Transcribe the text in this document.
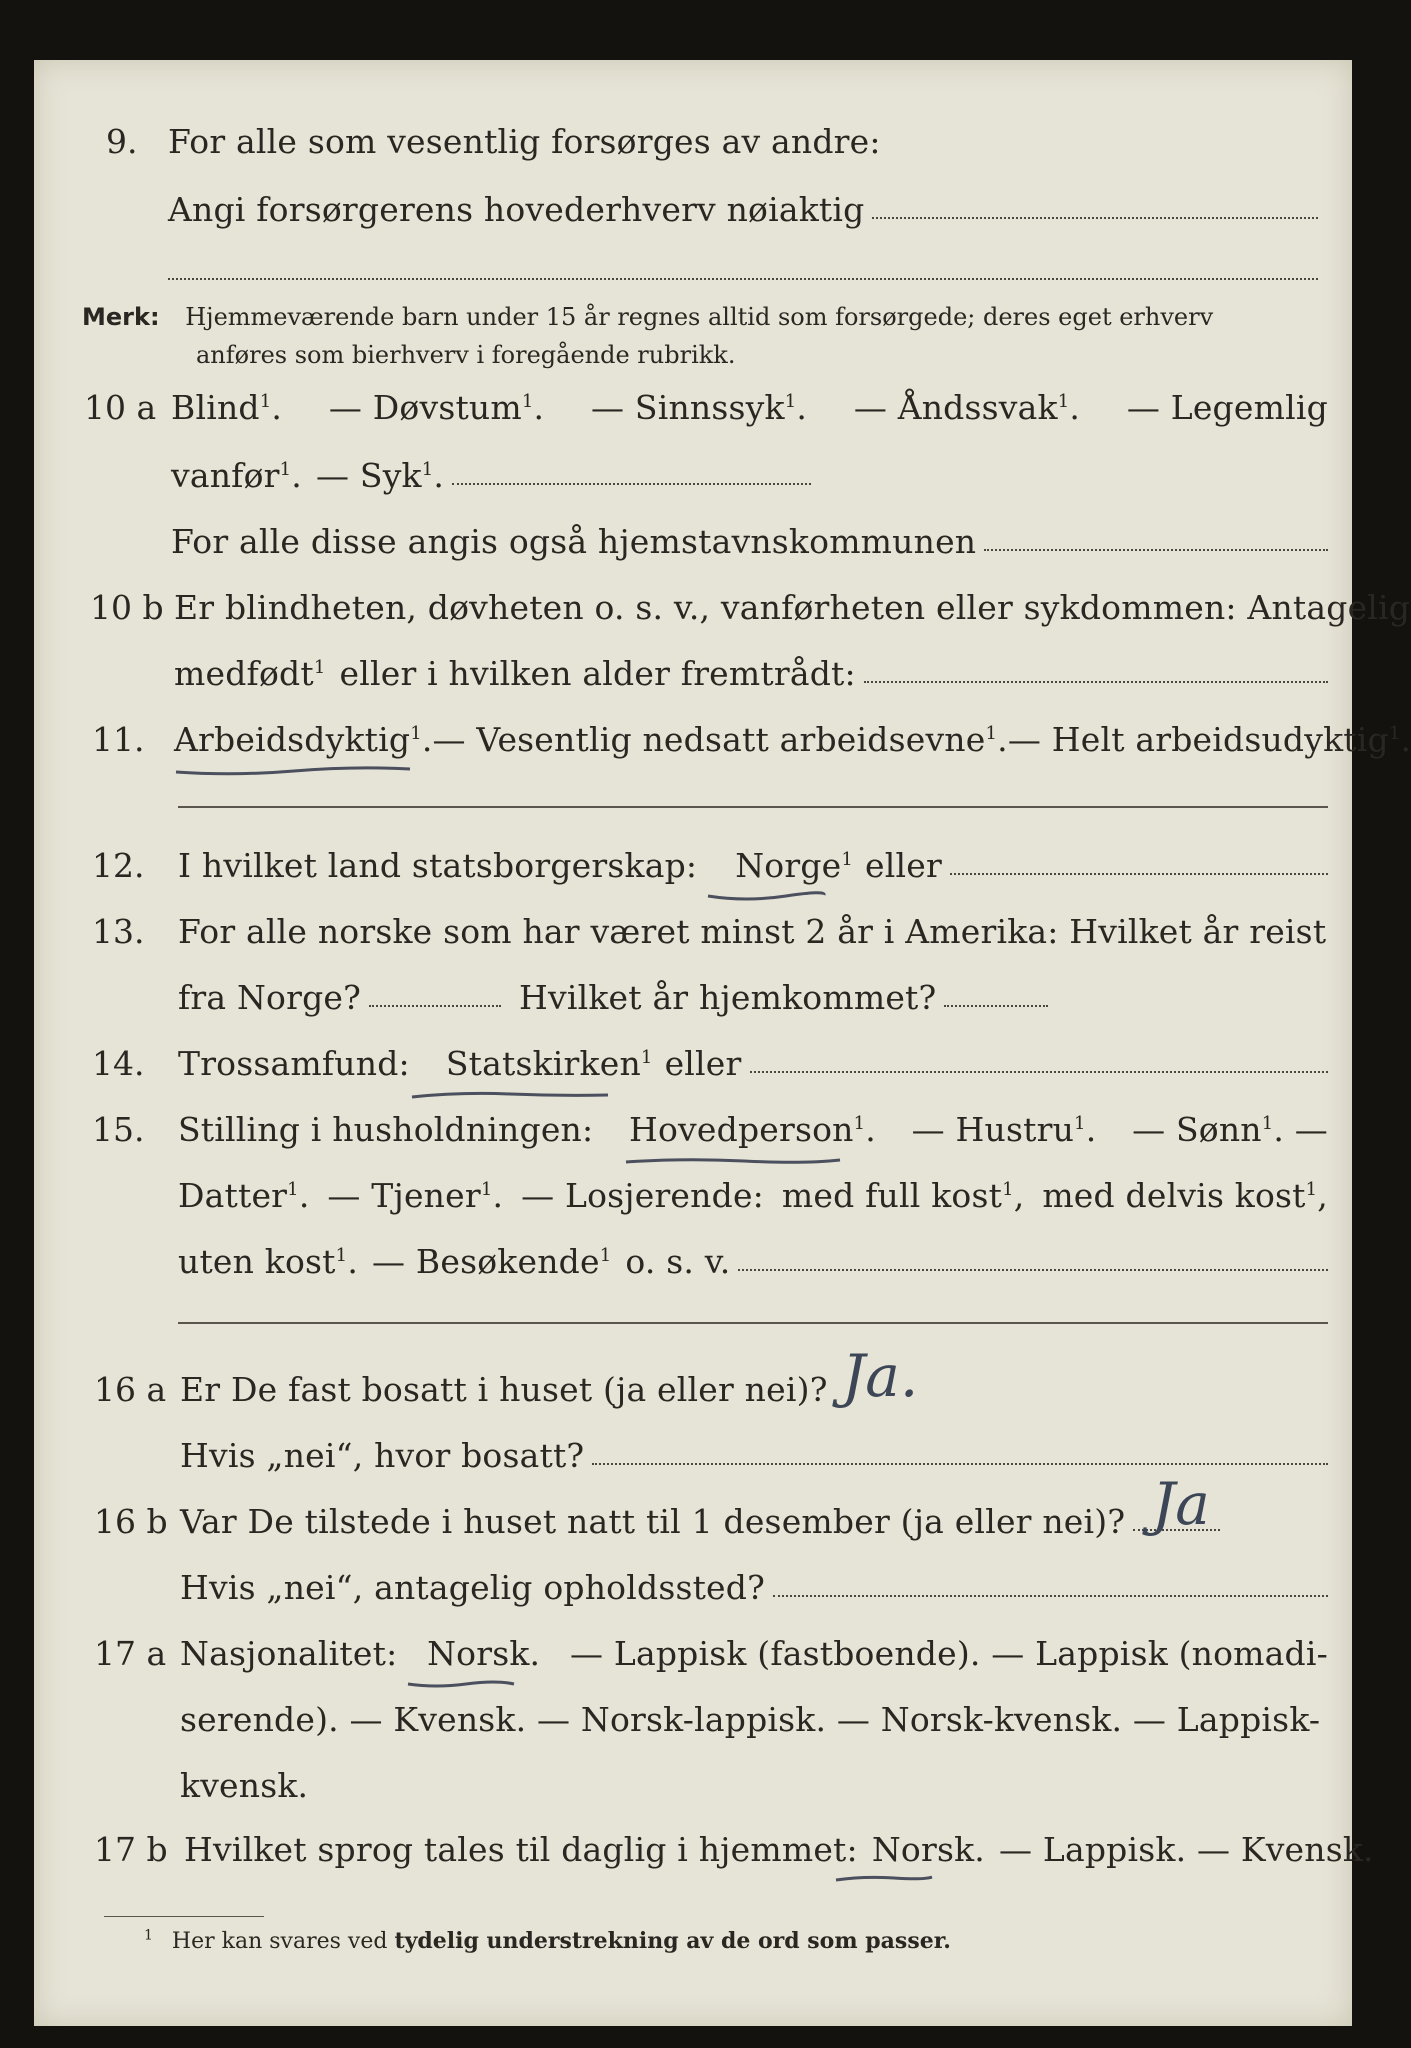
9. For alle som vesentlig forsørges av andre:
Angi forsørgerens hovederhverv nøiaktig
Merk: Hjemmeværende barn under 15 år regnes alltid som forsørgede; deres eget erhverv
anføres som bierhverv i foregående rubrikk.
10 a Blind$^1$. — Døvstum$^1$. — Sinnssyk$^1$. — Åndssvak$^1$. — Legemlig
vanfør$^1$. — Syk$^1$.
For alle disse angis også hjemstavnskommunen
10 b Er blindheten, døvheten o. s. v., vanførheten eller sykdommen: Antagelig
medfødt$^1$ eller i hvilken alder fremtrådt:
11. Arbeidsdyktig$^1$. — Vesentlig nedsatt arbeidsevne$^1$. — Helt arbeidsudyktig$^1$.
12. I hvilket land statsborgerskap: Norge$^1$ eller
13. For alle norske som har været minst 2 år i Amerika: Hvilket år reist
fra Norge?	Hvilket år hjemkommet?
14. Trossamfund: Statskirken$^1$ eller
15. Stilling i husholdningen: Hovedperson$^1$. — Hustru$^1$. — Sønn$^1$. —
Datter$^1$. — Tjener$^1$. — Losjerende: med full kost$^1$, med delvis kost$^1$,
uten kost$^1$. — Besøkende$^1$ o. s. v.
16 a Er De fast bosatt i huset (ja eller nei)? Ja.
Hvis „nei“, hvor bosatt?
16 b Var De tilstede i huset natt til 1 desember (ja eller nei)? Ja
Hvis „nei“, antagelig opholdssted?
17 a Nasjonalitet: Norsk. — Lappisk (fastboende). — Lappisk (nomadi-
serende). — Kvensk. — Norsk-lappisk. — Norsk-kvensk. — Lappisk-
kvensk.
17 b Hvilket sprog tales til daglig i hjemmet: Norsk. — Lappisk. — Kvensk.
$^1$ Her kan svares ved tydelig understrekning av de ord som passer.
